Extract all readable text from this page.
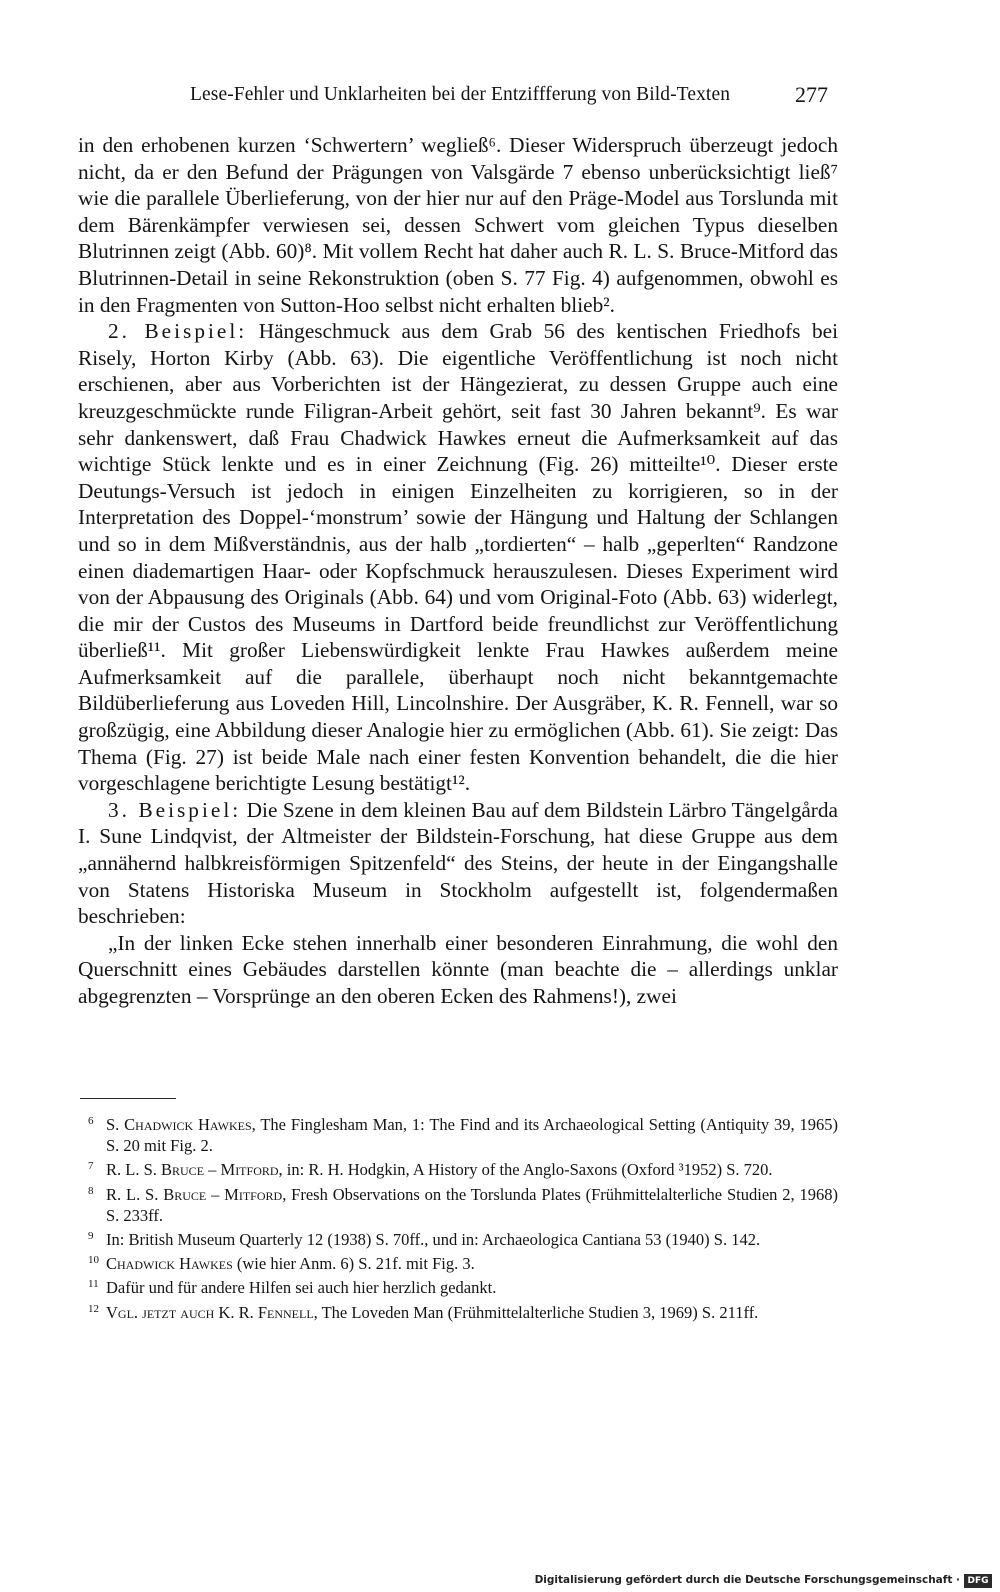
Lese-Fehler und Unklarheiten bei der Entziffferung von Bild-Texten	277

in den erhobenen kurzen ‘Schwertern’ wegließ⁶. Dieser Widerspruch überzeugt jedoch nicht, da er den Befund der Prägungen von Valsgärde 7 ebenso unberücksichtigt ließ⁷ wie die parallele Überlieferung, von der hier nur auf den Präge-Model aus Torslunda mit dem Bärenkämpfer verwiesen sei, dessen Schwert vom gleichen Typus dieselben Blutrinnen zeigt (Abb. 60)⁸. Mit vollem Recht hat daher auch R. L. S. Bruce-Mitford das Blutrinnen-Detail in seine Rekonstruktion (oben S. 77 Fig. 4) aufgenommen, obwohl es in den Fragmenten von Sutton-Hoo selbst nicht erhalten blieb².

2. Beispiel: Hängeschmuck aus dem Grab 56 des kentischen Friedhofs bei Risely, Horton Kirby (Abb. 63). Die eigentliche Veröffentlichung ist noch nicht erschienen, aber aus Vorberichten ist der Hängezierat, zu dessen Gruppe auch eine kreuzgeschmückte runde Filigran-Arbeit gehört, seit fast 30 Jahren bekannt⁹. Es war sehr dankenswert, daß Frau Chadwick Hawkes erneut die Aufmerksamkeit auf das wichtige Stück lenkte und es in einer Zeichnung (Fig. 26) mitteilte¹⁰. Dieser erste Deutungs-Versuch ist jedoch in einigen Einzelheiten zu korrigieren, so in der Interpretation des Doppel-‘monstrum’ sowie der Hängung und Haltung der Schlangen und so in dem Mißverständnis, aus der halb „tordierten“ – halb „geperlten“ Randzone einen diademartigen Haar- oder Kopfschmuck herauszulesen. Dieses Experiment wird von der Abpausung des Originals (Abb. 64) und vom Original-Foto (Abb. 63) widerlegt, die mir der Custos des Museums in Dartford beide freundlichst zur Veröffentlichung überließ¹¹. Mit großer Liebenswürdigkeit lenkte Frau Hawkes außerdem meine Aufmerksamkeit auf die parallele, überhaupt noch nicht bekanntgemachte Bildüberlieferung aus Loveden Hill, Lincolnshire. Der Ausgräber, K. R. Fennell, war so großzügig, eine Abbildung dieser Analogie hier zu ermöglichen (Abb. 61). Sie zeigt: Das Thema (Fig. 27) ist beide Male nach einer festen Konvention behandelt, die die hier vorgeschlagene berichtigte Lesung bestätigt¹².

3. Beispiel: Die Szene in dem kleinen Bau auf dem Bildstein Lärbro Tängelgårda I. Sune Lindqvist, der Altmeister der Bildstein-Forschung, hat diese Gruppe aus dem „annähernd halbkreisförmigen Spitzenfeld“ des Steins, der heute in der Eingangshalle von Statens Historiska Museum in Stockholm aufgestellt ist, folgendermaßen beschrieben:

„In der linken Ecke stehen innerhalb einer besonderen Einrahmung, die wohl den Querschnitt eines Gebäudes darstellen könnte (man beachte die – allerdings unklar abgegrenzten – Vorsprünge an den oberen Ecken des Rahmens!), zwei

6 S. Chadwick Hawkes, The Finglesham Man, 1: The Find and its Archaeological Setting (Antiquity 39, 1965) S. 20 mit Fig. 2.
7 R. L. S. Bruce – Mitford, in: R. H. Hodgkin, A History of the Anglo-Saxons (Oxford ³1952) S. 720.
8 R. L. S. Bruce – Mitford, Fresh Observations on the Torslunda Plates (Frühmittelalterliche Studien 2, 1968) S. 233ff.
9 In: British Museum Quarterly 12 (1938) S. 70ff., und in: Archaeologica Cantiana 53 (1940) S. 142.
10 Chadwick Hawkes (wie hier Anm. 6) S. 21f. mit Fig. 3.
11 Dafür und für andere Hilfen sei auch hier herzlich gedankt.
12 Vgl. jetzt auch K. R. Fennell, The Loveden Man (Frühmittelalterliche Studien 3, 1969) S. 211ff.
Digitalisierung gefördert durch die Deutsche Forschungsgemeinschaft · DFG
